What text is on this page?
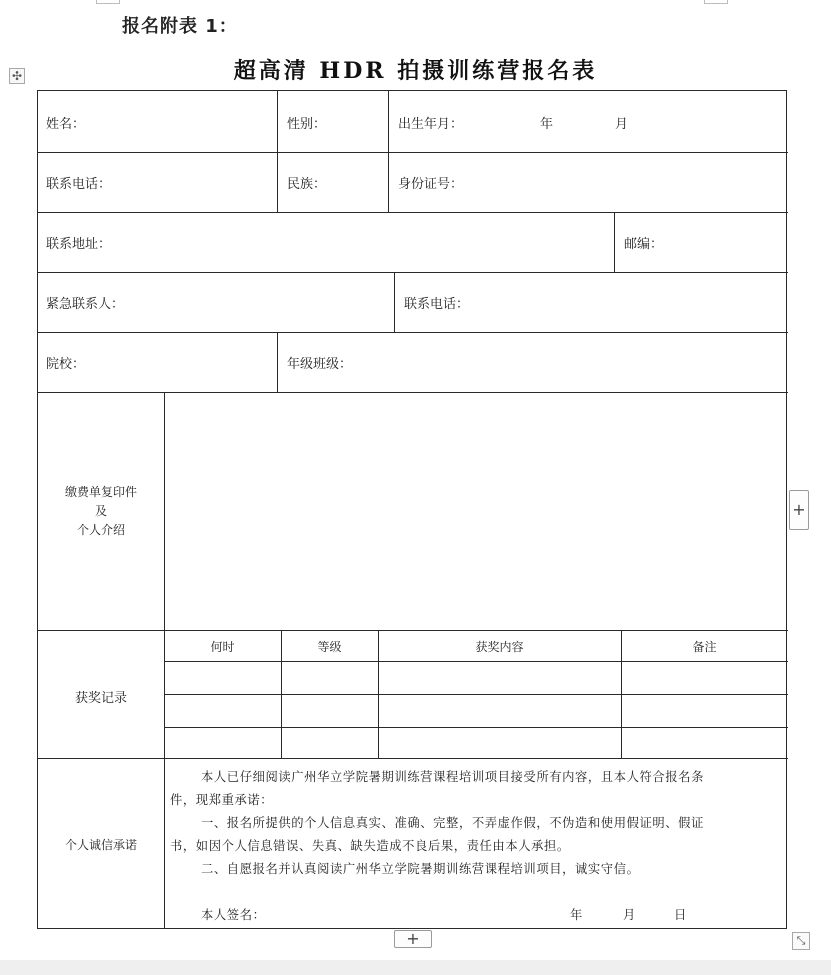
报名附表 1：
超高清 HDR 拍摄训练营报名表
✣
姓名：	性别：	出生年月：	年	月
联系电话：	民族：	身份证号：
联系地址：	邮编：
紧急联系人：	联系电话：
院校：	年级班级：
缴费单复印件
及
个人介绍
获奖记录
何时	等级	获奖内容	备注
个人诚信承诺
本人已仔细阅读广州华立学院暑期训练营课程培训项目接受所有内容，且本人符合报名条
件，现郑重承诺：
一、报名所提供的个人信息真实、准确、完整，不弄虚作假，不伪造和使用假证明、假证
书，如因个人信息错误、失真、缺失造成不良后果，责任由本人承担。
二、自愿报名并认真阅读广州华立学院暑期训练营课程培训项目，诚实守信。
本人签名：	年	月	日
+
+	⤡
